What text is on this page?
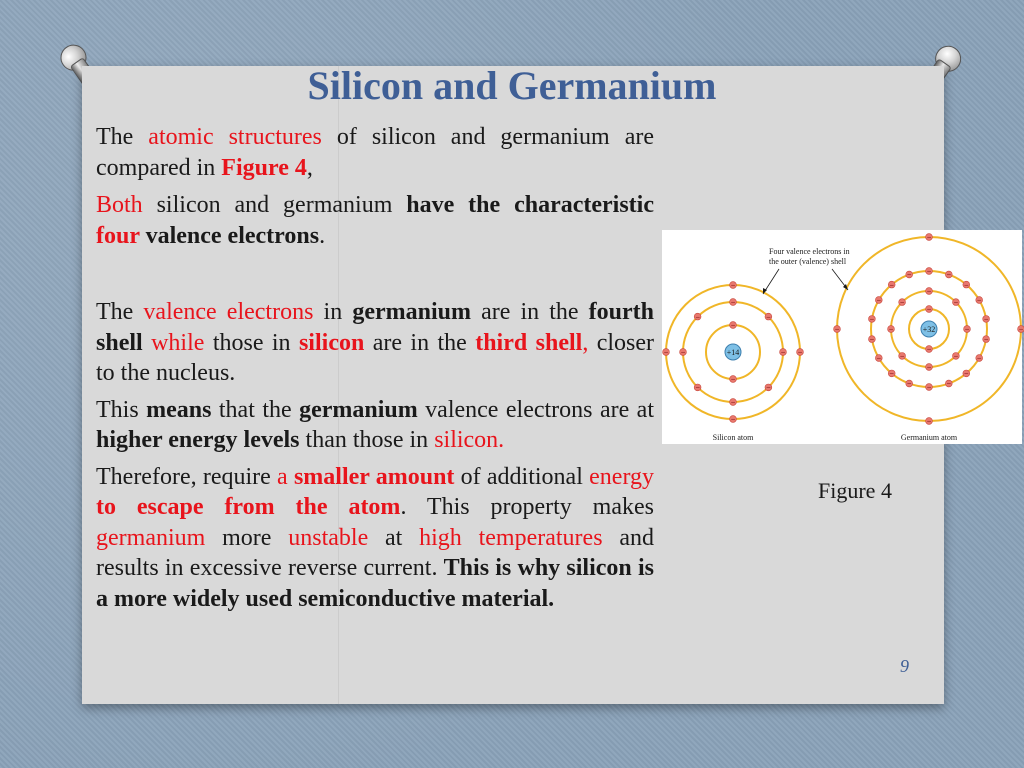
Silicon and Germanium

The atomic structures of silicon and germanium are compared in Figure 4,

Both silicon and germanium have the characteristic four valence electrons.

The valence electrons in germanium are in the fourth shell while those in silicon are in the third shell, closer to the nucleus.

This means that the germanium valence electrons are at higher energy levels than those in silicon.

Therefore, require a smaller amount of additional energy to escape from the atom. This property makes germanium more unstable at high temperatures and results in excessive reverse current. This is why silicon is a more widely used semiconductive material.

−
−
−
−
−
−
−
−
−
−
−
−
−
−
−
−
−
−
−
−
−
−
−
−
− −
−
−
−
−
−
−
−
−
−
−
−
−
−
−
−
−
−
−
−
−
+14
+32
Four valence electrons in
the outer (valence) shell
Silicon atom	Germanium atom
Figure 4
9
